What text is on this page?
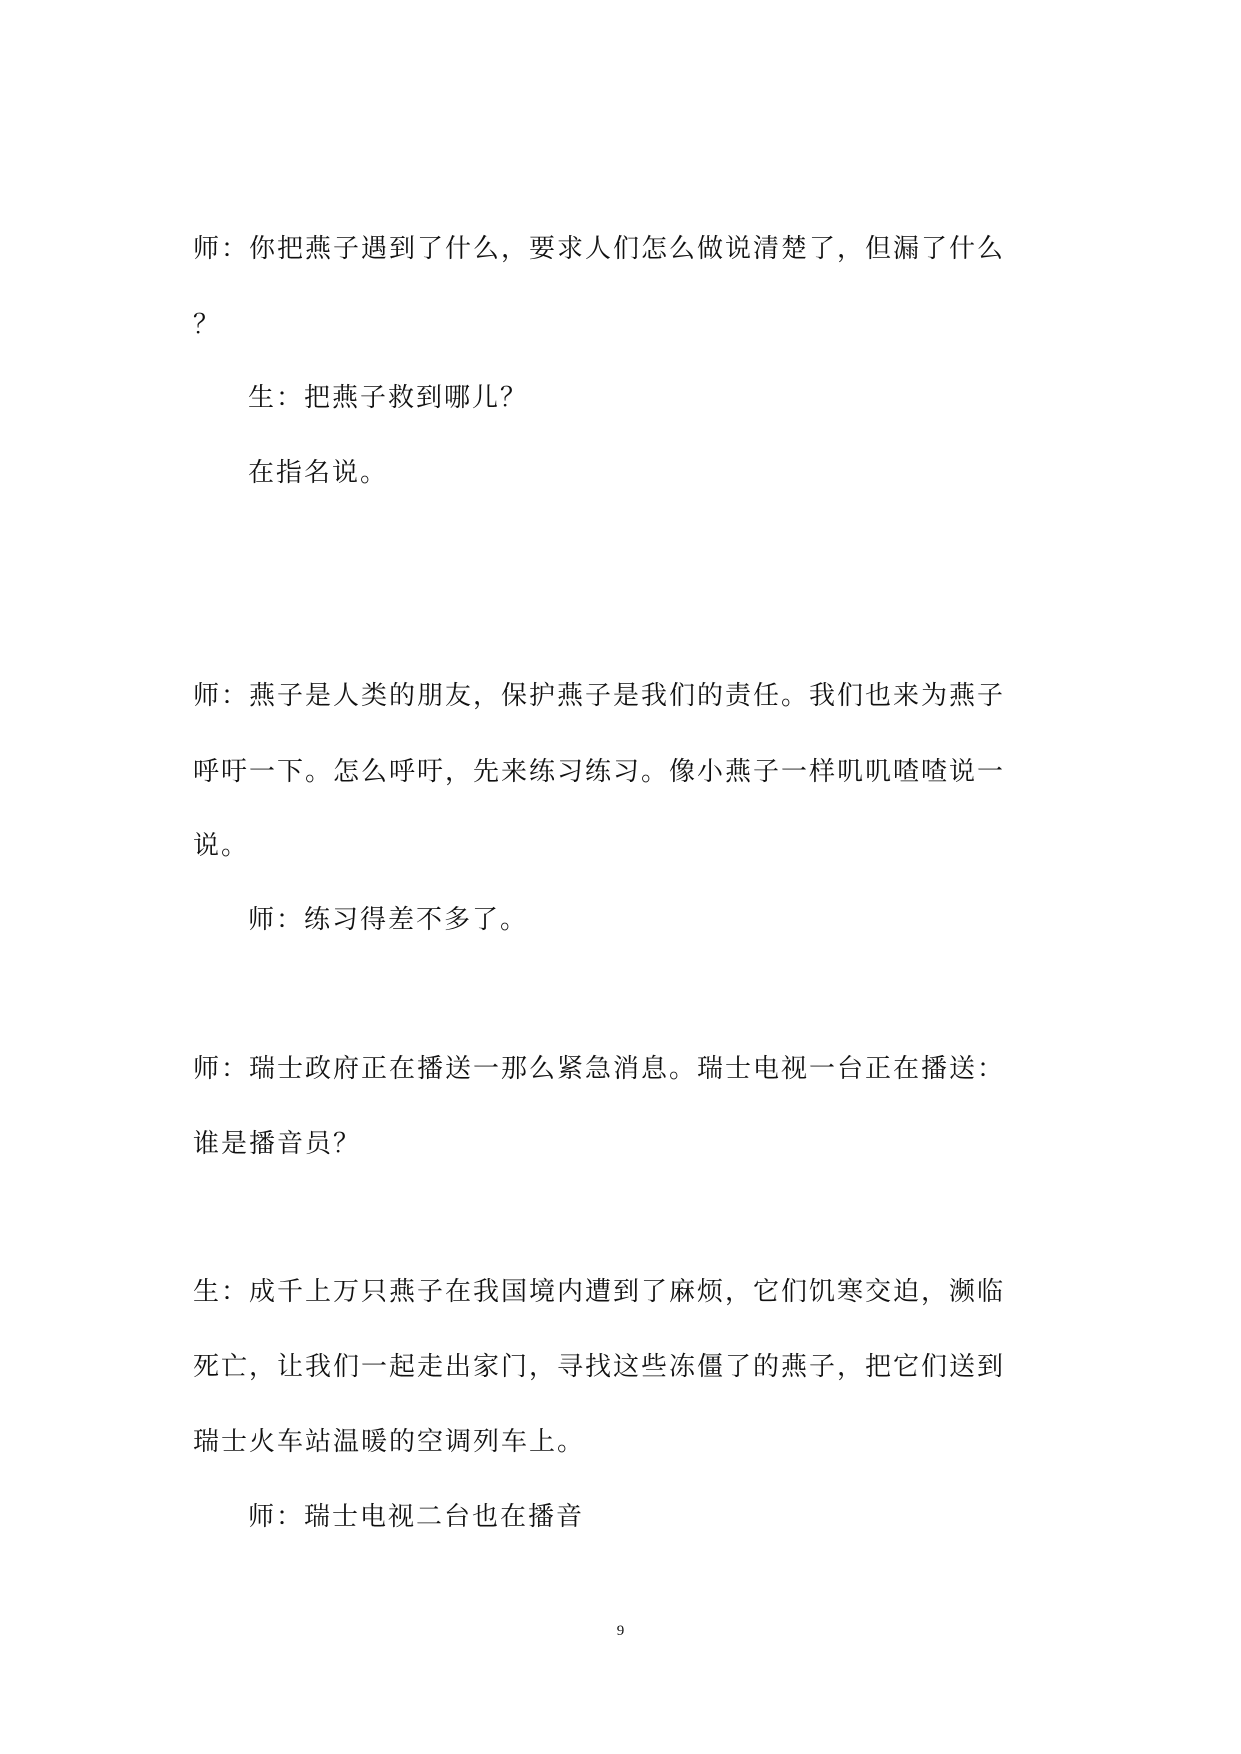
师：你把燕子遇到了什么，要求人们怎么做说清楚了，但漏了什么
？
生：把燕子救到哪儿？
在指名说。
师：燕子是人类的朋友，保护燕子是我们的责任。我们也来为燕子
呼吁一下。怎么呼吁，先来练习练习。像小燕子一样叽叽喳喳说一
说。
师：练习得差不多了。
师：瑞士政府正在播送一那么紧急消息。瑞士电视一台正在播送：
谁是播音员？
生：成千上万只燕子在我国境内遭到了麻烦，它们饥寒交迫，濒临
死亡，让我们一起走出家门，寻找这些冻僵了的燕子，把它们送到
瑞士火车站温暖的空调列车上。
师：瑞士电视二台也在播音
9
